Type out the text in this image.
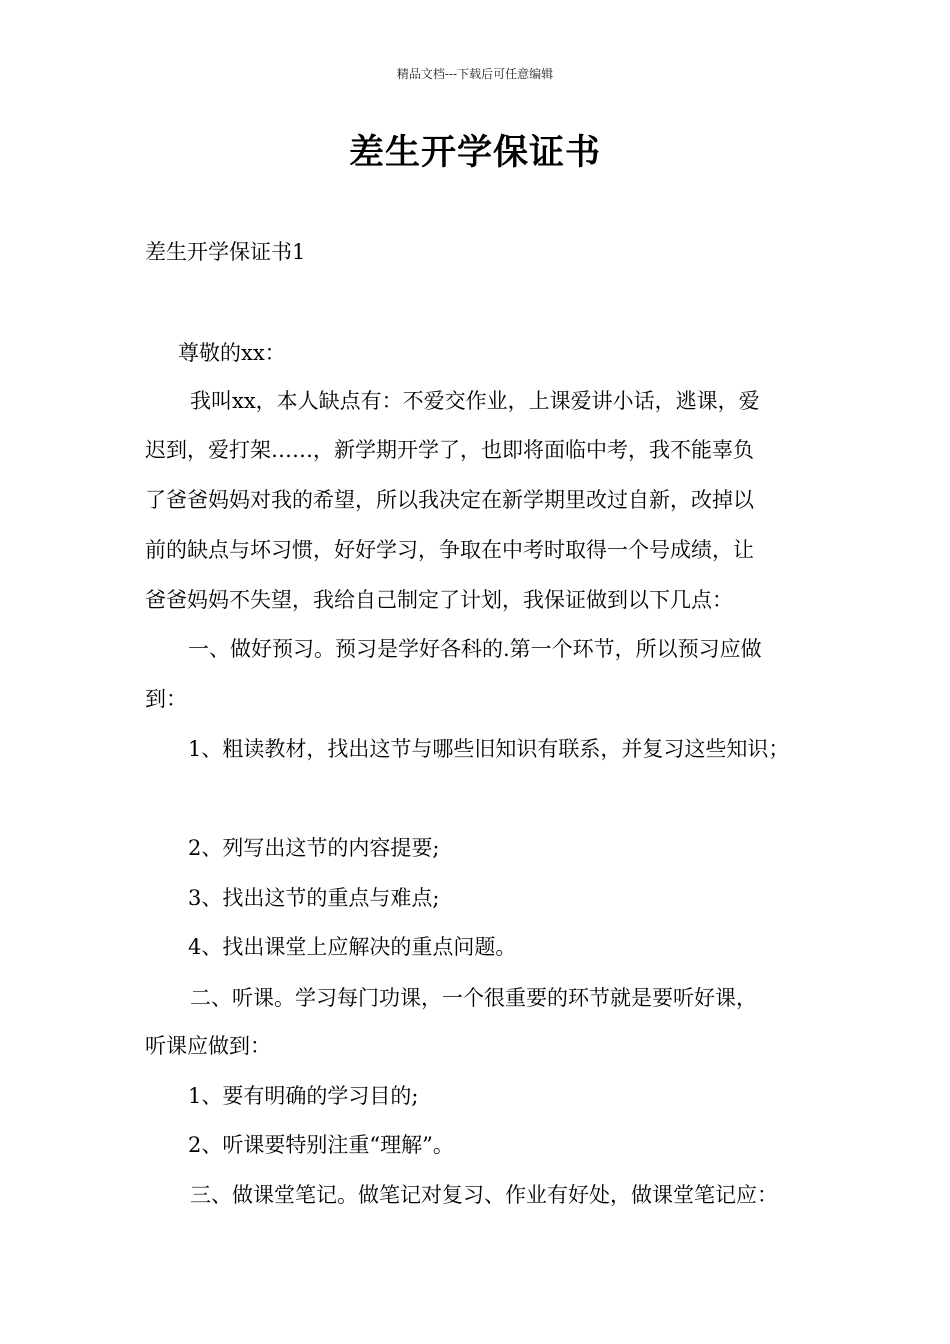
精品文档---下载后可任意编辑
差生开学保证书
差生开学保证书1
尊敬的xx：
我叫xx，本人缺点有：不爱交作业，上课爱讲小话，逃课，爱
迟到，爱打架……，新学期开学了，也即将面临中考，我不能辜负
了爸爸妈妈对我的希望，所以我决定在新学期里改过自新，改掉以
前的缺点与坏习惯，好好学习，争取在中考时取得一个号成绩，让
爸爸妈妈不失望，我给自己制定了计划，我保证做到以下几点：
一、做好预习。预习是学好各科的.第一个环节，所以预习应做
到：
1、粗读教材，找出这节与哪些旧知识有联系，并复习这些知识；
2、列写出这节的内容提要;
3、找出这节的重点与难点;
4、找出课堂上应解决的重点问题。
二、听课。学习每门功课，一个很重要的环节就是要听好课，
听课应做到：
1、要有明确的学习目的;
2、听课要特别注重“理解”。
三、做课堂笔记。做笔记对复习、作业有好处，做课堂笔记应：
